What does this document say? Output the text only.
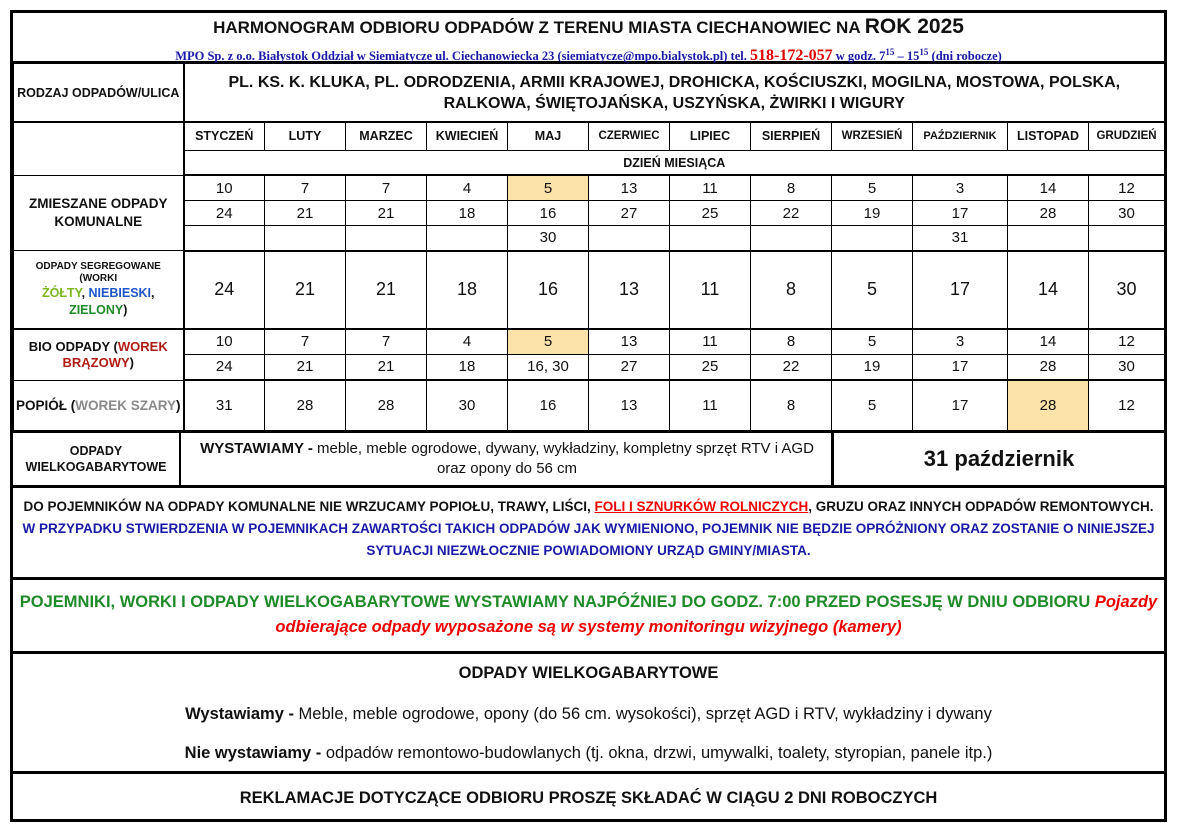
HARMONOGRAM ODBIORU ODPADÓW Z TERENU MIASTA CIECHANOWIEC NA ROK 2025
MPO Sp. z o.o. Białystok Oddział w Siemiatycze ul. Ciechanowiecka 23 (siemiatycze@mpo.bialystok.pl) tel. 518-172-057 w godz. $7^{15} - 15^{15}$ (dni robocze)
RODZAJ ODPADÓW/ULICA	PL. KS. K. KLUKA, PL. ODRODZENIA, ARMII KRAJOWEJ, DROHICKA, KOŚCIUSZKI, MOGILNA, MOSTOWA, POLSKA, RALKOWA, ŚWIĘTOJAŃSKA, USZYŃSKA, ŻWIRKI I WIGURY											
	STYCZEŃ	LUTY	MARZEC	KWIECIEŃ	MAJ	CZERWIEC	LIPIEC	SIERPIEŃ	WRZESIEŃ	PAŹDZIERNIK	LISTOPAD	GRUDZIEŃ
	DZIEŃ MIESIĄCA											
ZMIESZANE ODPADY KOMUNALNE	10	7	7	4	5	13	11	8	5	3	14	12
	24	21	21	18	16	27	25	22	19	17	28	30
					30					31		

ODPADY SEGREGOWANE
(WORKI
ŻÓŁTY, NIEBIESKI,
ZIELONY)	24	21	21	18	16	13	11	8	5	17	14	30
BIO ODPADY (WOREK BRĄZOWY)	10	7	7	4	5	13	11	8	5	3	14	12
	24	21	21	18	16, 30	27	25	22	19	17	28	30
POPIÓŁ (WOREK SZARY)	31	28	28	30	16	13	11	8	5	17	28	12
ODPADY WIELKOGABARYTOWE
WYSTAWIAMY - meble, meble ogrodowe, dywany, wykładziny, kompletny sprzęt RTV i AGD oraz opony do 56 cm	31 październik
DO POJEMNIKÓW NA ODPADY KOMUNALNE NIE WRZUCAMY POPIOŁU, TRAWY, LIŚCI, FOLI I SZNURKÓW ROLNICZYCH, GRUZU ORAZ INNYCH ODPADÓW REMONTOWYCH. W PRZYPADKU STWIERDZENIA W POJEMNIKACH ZAWARTOŚCI TAKICH ODPADÓW JAK WYMIENIONO, POJEMNIK NIE BĘDZIE OPRÓŻNIONY ORAZ ZOSTANIE O NINIEJSZEJ SYTUACJI NIEZWŁOCZNIE POWIADOMIONY URZĄD GMINY/MIASTA.
POJEMNIKI, WORKI I ODPADY WIELKOGABARYTOWE WYSTAWIAMY NAJPÓŹNIEJ DO GODZ. 7:00 PRZED POSESJĘ W DNIU ODBIORU Pojazdy odbierające odpady wyposażone są w systemy monitoringu wizyjnego (kamery)
ODPADY WIELKOGABARYTOWE
Wystawiamy - Meble, meble ogrodowe, opony (do 56 cm. wysokości), sprzęt AGD i RTV, wykładziny i dywany
Nie wystawiamy - odpadów remontowo-budowlanych (tj. okna, drzwi, umywalki, toalety, styropian, panele itp.)
REKLAMACJE DOTYCZĄCE ODBIORU PROSZĘ SKŁADAĆ W CIĄGU 2 DNI ROBOCZYCH
